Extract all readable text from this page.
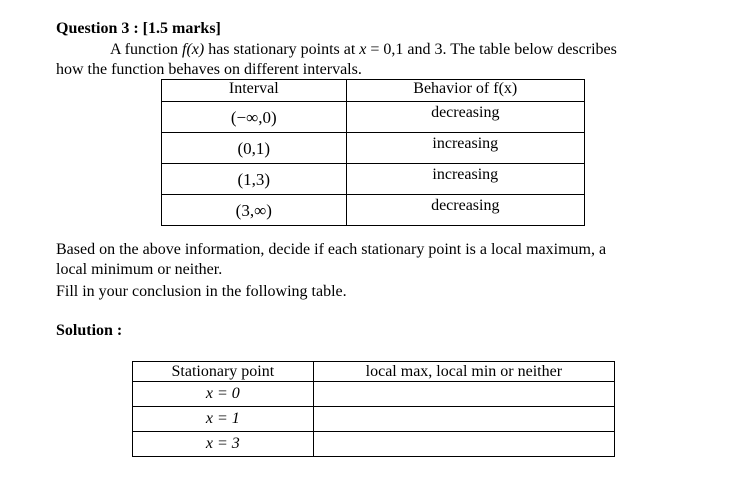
Question 3 : [1.5 marks]
A function f(x) has stationary points at x = 0,1 and 3. The table below describes
how the function behaves on different intervals.
Interval	Behavior of f(x)
(−∞,0)	decreasing
(0,1)	increasing
(1,3)	increasing
(3,∞)	decreasing
Based on the above information, decide if each stationary point is a local maximum, a
local minimum or neither.
Fill in your conclusion in the following table.
Solution :
Stationary point	local max, local min or neither
x = 0	
x = 1	
x = 3	
